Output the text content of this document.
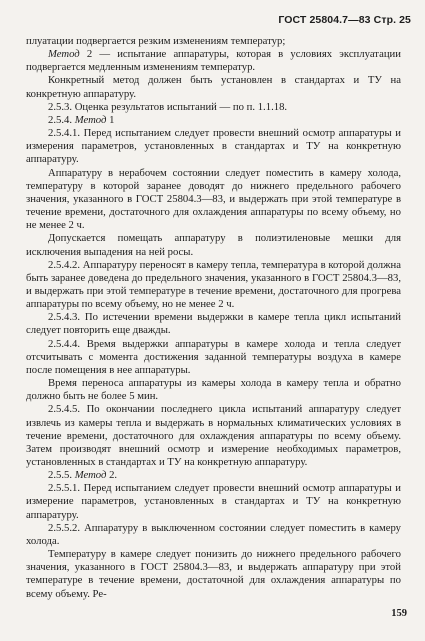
ГОСТ 25804.7—83 Стр. 25

плуатации подвергается резким изменениям температур;

Метод 2 — испытание аппаратуры, которая в условиях эксплуатации подвергается медленным изменениям температур.

Конкретный метод должен быть установлен в стандартах и ТУ на конкретную аппаратуру.

2.5.3. Оценка результатов испытаний — по п. 1.1.18.

2.5.4. Метод 1

2.5.4.1. Перед испытанием следует провести внешний осмотр аппаратуры и измерения параметров, установленных в стандартах и ТУ на конкретную аппаратуру.

Аппаратуру в нерабочем состоянии следует поместить в камеру холода, температуру в которой заранее доводят до нижнего предельного рабочего значения, указанного в ГОСТ 25804.3—83, и выдержать при этой температуре в течение времени, достаточного для охлаждения аппаратуры по всему объему, но не менее 2 ч.

Допускается помещать аппаратуру в полиэтиленовые мешки для исключения выпадения на ней росы.

2.5.4.2. Аппаратуру переносят в камеру тепла, температура в которой должна быть заранее доведена до предельного значения, указанного в ГОСТ 25804.3—83, и выдержать при этой температуре в течение времени, достаточного для прогрева аппаратуры по всему объему, но не менее 2 ч.

2.5.4.3. По истечении времени выдержки в камере тепла цикл испытаний следует повторить еще дважды.

2.5.4.4. Время выдержки аппаратуры в камере холода и тепла следует отсчитывать с момента достижения заданной температуры воздуха в камере после помещения в нее аппаратуры.

Время переноса аппаратуры из камеры холода в камеру тепла и обратно должно быть не более 5 мин.

2.5.4.5. По окончании последнего цикла испытаний аппаратуру следует извлечь из камеры тепла и выдержать в нормальных климатических условиях в течение времени, достаточного для охлаждения аппаратуры по всему объему. Затем производят внешний осмотр и измерение необходимых параметров, установленных в стандартах и ТУ на конкретную аппаратуру.

2.5.5. Метод 2.

2.5.5.1. Перед испытанием следует провести внешний осмотр аппаратуры и измерение параметров, установленных в стандартах и ТУ на конкретную аппаратуру.

2.5.5.2. Аппаратуру в выключенном состоянии следует поместить в камеру холода.

Температуру в камере следует понизить до нижнего предельного рабочего значения, указанного в ГОСТ 25804.3—83, и выдержать аппаратуру при этой температуре в течение времени, достаточной для охлаждения аппаратуры по всему объему. Ре-

159
